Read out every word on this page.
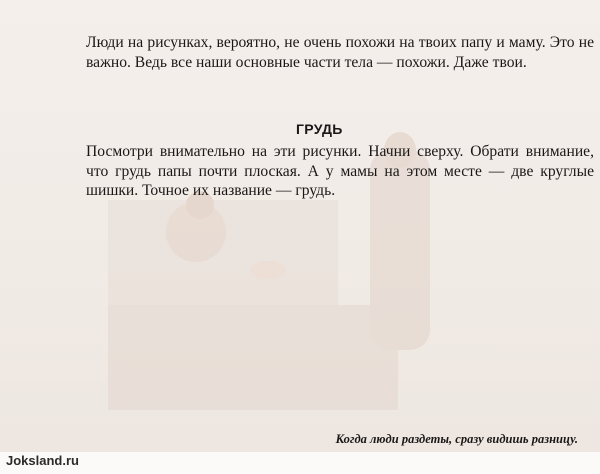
Люди на рисунках, вероятно, не очень похожи на твоих папу и маму. Это не важно. Ведь все наши основные части тела — похожи. Даже твои.

ГРУДЬ

Посмотри внимательно на эти рисунки. Начни сверху. Обрати внимание, что грудь папы почти плоская. А у мамы на этом месте — две круглые шишки. Точное их название — грудь.

Когда люди раздеты, сразу видишь разницу.

Joksland.ru
